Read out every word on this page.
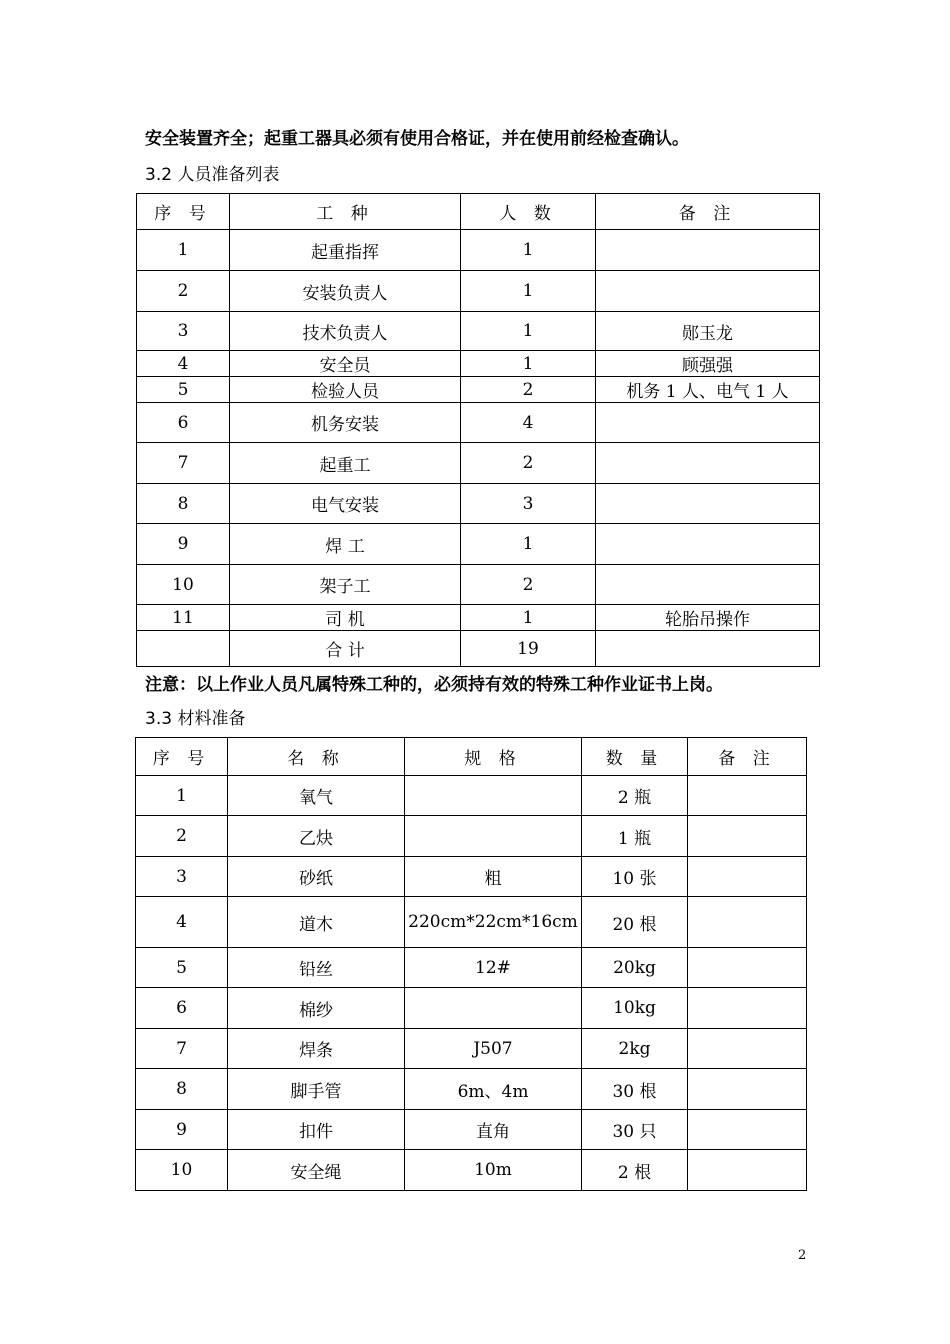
安全装置齐全；起重工器具必须有使用合格证，并在使用前经检查确认。
3.2 人员准备列表
序 号	工 种	人 数	备 注
1	起重指挥	1	
2	安装负责人	1	
3	技术负责人	1	郧玉龙
4	安全员	1	顾强强
5	检验人员	2	机务 1 人、电气 1 人
6	机务安装	4	
7	起重工	2	
8	电气安装	3	
9	焊 工	1	
10	架子工	2	
11	司 机	1	轮胎吊操作
	合 计	19	
注意：以上作业人员凡属特殊工种的，必须持有效的特殊工种作业证书上岗。
3.3 材料准备
序 号	名 称	规 格	数 量	备 注
1	氧气		2 瓶	
2	乙炔		1 瓶	
3	砂纸	粗	10 张	
4	道木	220cm*22cm*16cm	20 根	
5	铅丝	12#	20kg	
6	棉纱		10kg	
7	焊条	J507	2kg	
8	脚手管	6m、4m	30 根	
9	扣件	直角	30 只	
10	安全绳	10m	2 根	
2
